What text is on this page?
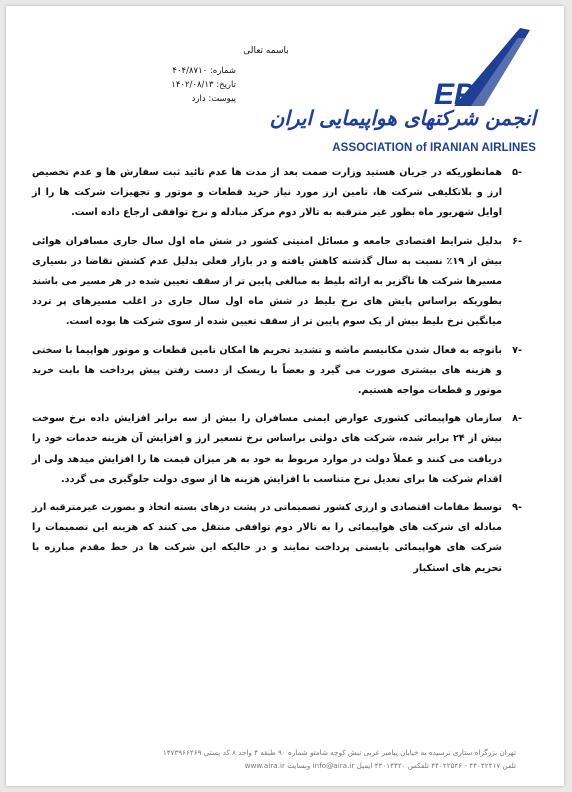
EP
انجمن شرکتهای هواپیمایی ایران
ASSOCIATION of IRANIAN AIRLINES
باسمه تعالی
شماره: ۴۰۴/۸۷۱۰
تاریخ: ۱۴۰۲/۰۸/۱۳
پیوست: دارد

-۵
همانطوریکه در جریان هستید وزارت صمت بعد از مدت ها عدم تائید ثبت سفارش ها و عدم تخصیص ارز و بلاتکلیفی شرکت ها، تامین ارز مورد نیاز خرید قطعات و موتور و تجهیزات شرکت ها را از اوایل شهریور ماه بطور غیر مترقبه به تالار دوم مرکز مبادله و نرخ توافقی ارجاع داده است.

-۶
بدلیل شرایط اقتصادی جامعه و مسائل امنیتی کشور در شش ماه اول سال جاری مسافران هوائی بیش از ۱۹٪ نسبت به سال گذشته کاهش یافته و در بازار فعلی بدلیل عدم کشش تقاضا در بسیاری مسیرها شرکت ها ناگزیر به ارائه بلیط به مبالغی پایین تر از سقف تعیین شده در هر مسیر می باشند بطوریکه براساس پایش های نرخ بلیط در شش ماه اول سال جاری در اغلب مسیرهای پر تردد میانگین نرخ بلیط بیش از یک سوم پایین تر از سقف تعیین شده از سوی شرکت ها بوده است.

-۷
باتوجه به فعال شدن مکانیسم ماشه و تشدید تحریم ها امکان تامین قطعات و موتور هواپیما با سختی و هزینه های بیشتری صورت می گیرد و بعضاً با ریسک از دست رفتن پیش پرداخت ها بابت خرید موتور و قطعات مواجه هستیم.

-۸
سازمان هواپیمائی کشوری عوارض ایمنی مسافران را بیش از سه برابر افزایش داده نرخ سوخت بیش از ۲۴ برابر شده، شرکت های دولتی براساس نرخ تسعیر ارز و افزایش آن هزینه خدمات خود را دریافت می کنند و عملاً دولت در موارد مربوط به خود به هر میزان قیمت ها را افزایش میدهد ولی از اقدام شرکت ها برای تعدیل نرخ متناسب با افزایش هزینه ها از سوی دولت جلوگیری می گردد.

-۹
توسط مقامات اقتصادی و ارزی کشور تصمیماتی در پشت درهای بسته اتخاذ و بصورت غیرمترقبه ارز مبادله ای شرکت های هواپیمائی را به تالار دوم توافقی منتقل می کنند که هزینه این تصمیمات را شرکت های هواپیمائی بایستی پرداخت نمایند و در حالیکه این شرکت ها در خط مقدم مبارزه با تحریم های استکبار

تهران بزرگراه ستاری نرسیده به خیابان پیامبر غربی نبش کوچه شامتو شماره ۹۰ طبقه ۴ واحد ۸ کد پستی ۱۴۷۳۹۶۶۴۶۹
تلفن ۴۴۰۴۲۴۱۷ - ۴۴۰۲۲۵۴۶ تلفکس ۴۴۰۱۴۴۲۰ ایمیل info@aira.ir وبسایت www.aira.ir
